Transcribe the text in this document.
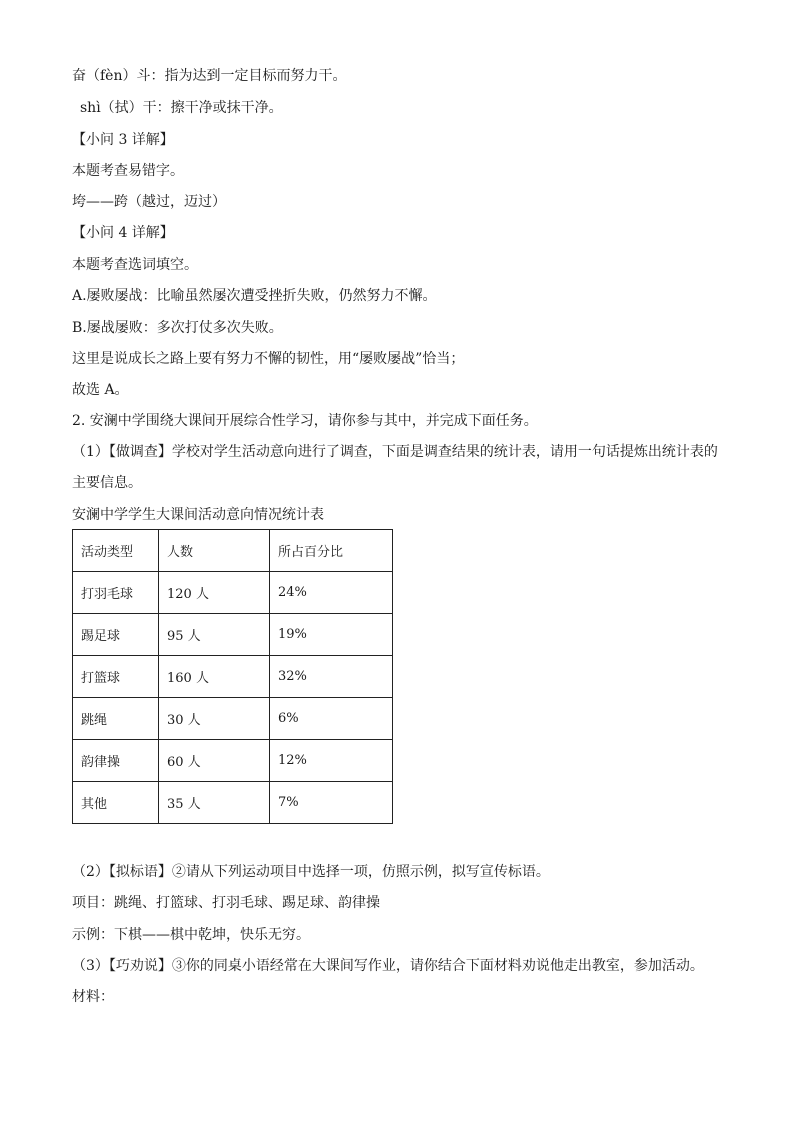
奋（fèn）斗：指为达到一定目标而努力干。
shì（拭）干：擦干净或抹干净。
【小问 3 详解】
本题考查易错字。
垮——跨（越过，迈过）
【小问 4 详解】
本题考查选词填空。
A.屡败屡战：比喻虽然屡次遭受挫折失败，仍然努力不懈。
B.屡战屡败：多次打仗多次失败。
这里是说成长之路上要有努力不懈的韧性，用“屡败屡战”恰当；
故选 A。
2. 安澜中学围绕大课间开展综合性学习，请你参与其中，并完成下面任务。
（1）【做调查】学校对学生活动意向进行了调查，下面是调查结果的统计表，请用一句话提炼出统计表的
主要信息。
安澜中学学生大课间活动意向情况统计表
活动类型	人数	所占百分比
打羽毛球	120 人	24%
踢足球	95 人	19%
打篮球	160 人	32%
跳绳	30 人	6%
韵律操	60 人	12%
其他	35 人	7%
（2）【拟标语】②请从下列运动项目中选择一项，仿照示例，拟写宣传标语。
项目：跳绳、打篮球、打羽毛球、踢足球、韵律操
示例：下棋——棋中乾坤，快乐无穷。
（3）【巧劝说】③你的同桌小语经常在大课间写作业，请你结合下面材料劝说他走出教室，参加活动。
材料：
